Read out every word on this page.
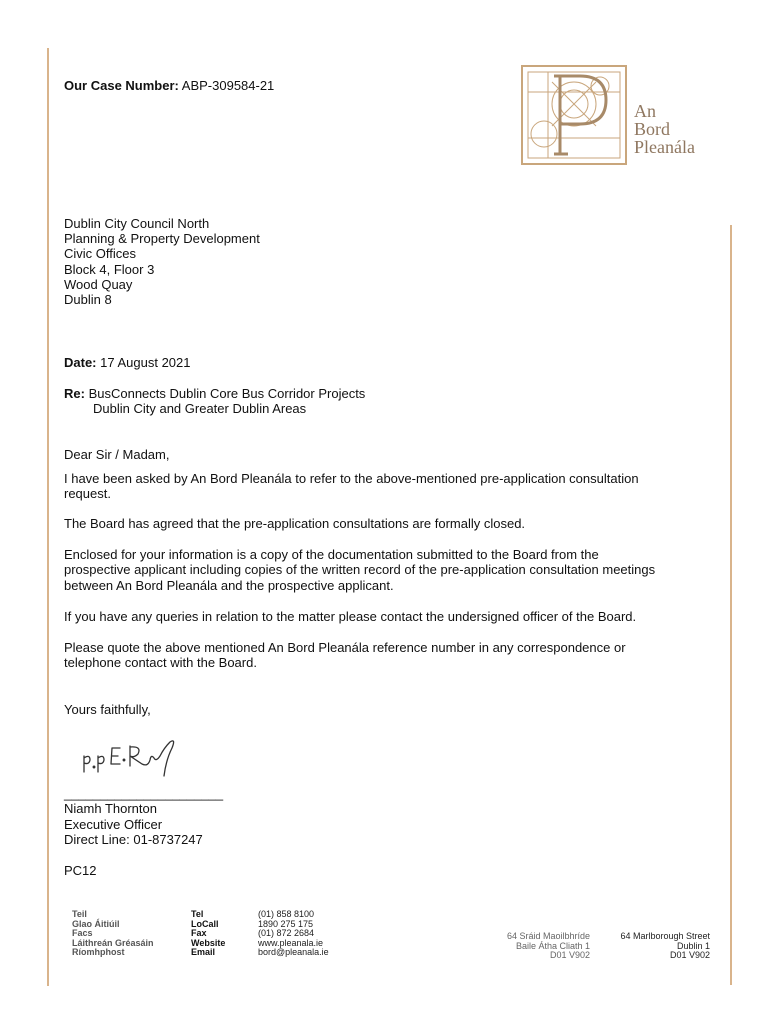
Our Case Number: ABP-309584-21

An
Bord
Pleanála

Dublin City Council North

Planning & Property Development

Civic Offices

Block 4, Floor 3

Wood Quay

Dublin 8

Date: 17 August 2021

Re: BusConnects Dublin Core Bus Corridor Projects

Dublin City and Greater Dublin Areas

Dear Sir / Madam,

I have been asked by An Bord Pleanála to refer to the above-mentioned pre-application consultation

request.

The Board has agreed that the pre-application consultations are formally closed.

Enclosed for your information is a copy of the documentation submitted to the Board from the

prospective applicant including copies of the written record of the pre-application consultation meetings

between An Bord Pleanála and the prospective applicant.

If you have any queries in relation to the matter please contact the undersigned officer of the Board.

Please quote the above mentioned An Bord Pleanála reference number in any correspondence or

telephone contact with the Board.

Yours faithfully,

______________________

Niamh Thornton

Executive Officer

Direct Line: 01-8737247

PC12

Teil
Glao Áitiúil
Facs
Láithreán Gréasáin
Ríomhphost
Tel
LoCall
Fax
Website
Email
(01) 858 8100
1890 275 175
(01) 872 2684
www.pleanala.ie
bord@pleanala.ie
64 Sráid Maoilbhríde
Baile Átha Cliath 1
D01 V902
64 Marlborough Street
Dublin 1
D01 V902
